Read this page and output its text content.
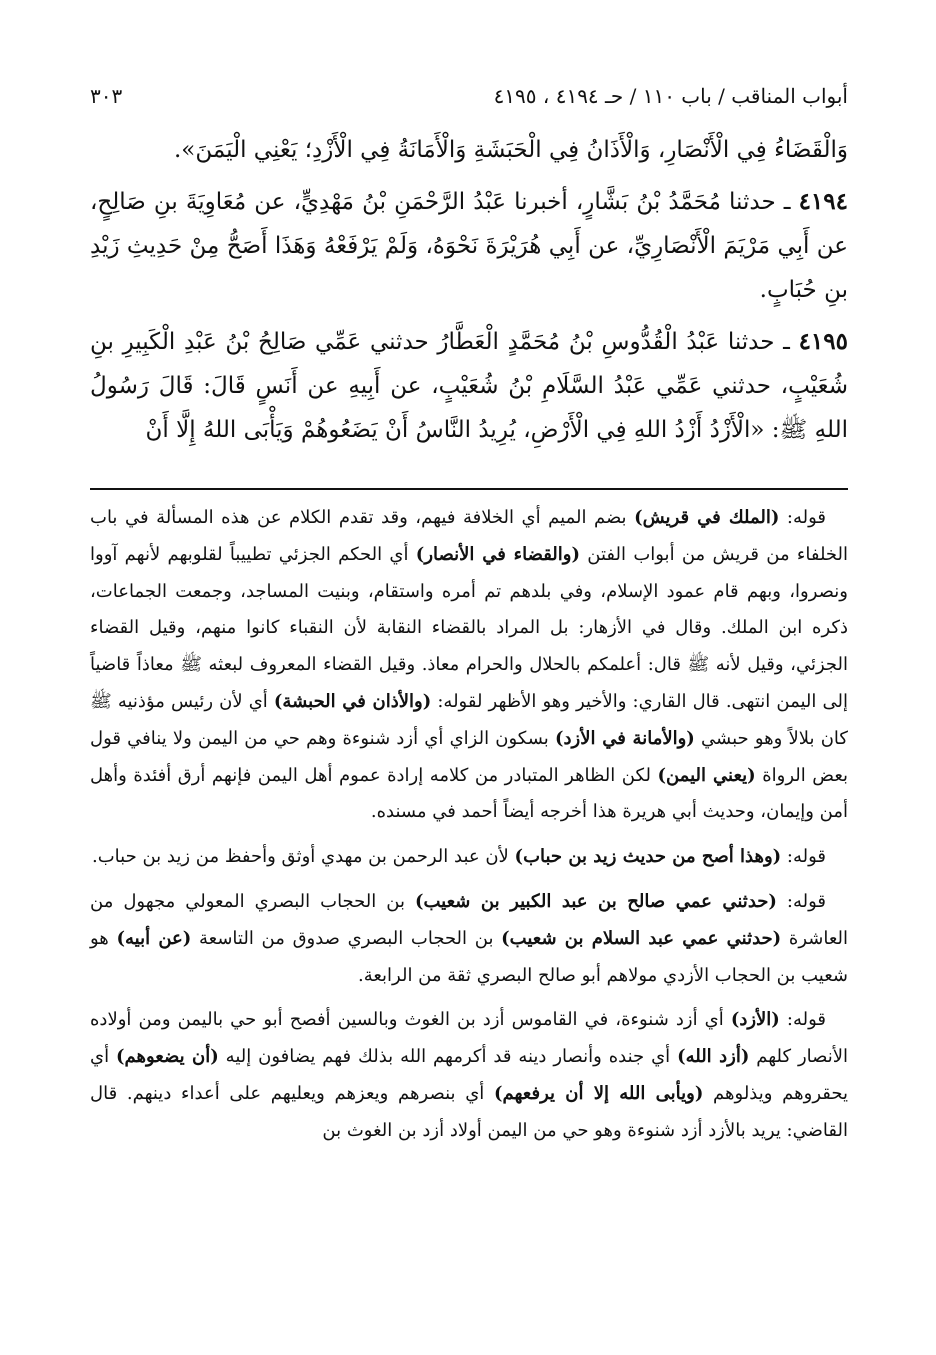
أبواب المناقب / باب ١١٠ / حـ ٤١٩٤ ، ٤١٩٥
٣٠٣

وَالْقَضَاءُ فِي الْأَنْصَارِ، وَالْأَذَانُ فِي الْحَبَشَةِ وَالْأَمَانَةُ فِي الْأَزْدِ؛ يَعْنِي الْيَمَنَ».

٤١٩٤ ـ حدثنا مُحَمَّدُ بْنُ بَشَّارٍ، أخبرنا عَبْدُ الرَّحْمَنِ بْنُ مَهْدِيٍّ، عن مُعَاوِيَةَ بنِ صَالِحٍ، عن أَبِي مَرْيَمَ الْأَنْصَارِيِّ، عن أَبِي هُرَيْرَةَ نَحْوَهُ، وَلَمْ يَرْفَعْهُ وَهَذَا أَصَحُّ مِنْ حَدِيثِ زَيْدِ بنِ حُبَابٍ.

٤١٩٥ ـ حدثنا عَبْدُ الْقُدُّوسِ بْنُ مُحَمَّدٍ الْعَطَّارُ حدثني عَمِّي صَالِحُ بْنُ عَبْدِ الْكَبِيرِ بنِ شُعَيْبٍ، حدثني عَمِّي عَبْدُ السَّلَامِ بْنُ شُعَيْبٍ، عن أَبِيهِ عن أَنَسٍ قَالَ: قَالَ رَسُولُ اللهِ ﷺ: «الْأَزْدُ أَزْدُ اللهِ فِي الْأَرْضِ، يُرِيدُ النَّاسُ أَنْ يَضَعُوهُمْ وَيَأْبَى اللهُ إِلَّا أَنْ

قوله: (الملك في قريش) بضم الميم أي الخلافة فيهم، وقد تقدم الكلام عن هذه المسألة في باب الخلفاء من قريش من أبواب الفتن (والقضاء في الأنصار) أي الحكم الجزئي تطييباً لقلوبهم لأنهم آووا ونصروا، وبهم قام عمود الإسلام، وفي بلدهم تم أمره واستقام، وبنيت المساجد، وجمعت الجماعات، ذكره ابن الملك. وقال في الأزهار: بل المراد بالقضاء النقابة لأن النقباء كانوا منهم، وقيل القضاء الجزئي، وقيل لأنه ﷺ قال: أعلمكم بالحلال والحرام معاذ. وقيل القضاء المعروف لبعثه ﷺ معاذاً قاضياً إلى اليمن انتهى. قال القاري: والأخير وهو الأظهر لقوله: (والأذان في الحبشة) أي لأن رئيس مؤذنيه ﷺ كان بلالاً وهو حبشي (والأمانة في الأزد) بسكون الزاي أي أزد شنوءة وهم حي من اليمن ولا ينافي قول بعض الرواة (يعني اليمن) لكن الظاهر المتبادر من كلامه إرادة عموم أهل اليمن فإنهم أرق أفئدة وأهل أمن وإيمان، وحديث أبي هريرة هذا أخرجه أيضاً أحمد في مسنده.

قوله: (وهذا أصح من حديث زيد بن حباب) لأن عبد الرحمن بن مهدي أوثق وأحفظ من زيد بن حباب.

قوله: (حدثني عمي صالح بن عبد الكبير بن شعيب) بن الحجاب البصري المعولي مجهول من العاشرة (حدثني عمي عبد السلام بن شعيب) بن الحجاب البصري صدوق من التاسعة (عن أبيه) هو شعيب بن الحجاب الأزدي مولاهم أبو صالح البصري ثقة من الرابعة.

قوله: (الأزد) أي أزد شنوءة، في القاموس أزد بن الغوث وبالسين أفصح أبو حي باليمن ومن أولاده الأنصار كلهم (أزد الله) أي جنده وأنصار دينه قد أكرمهم الله بذلك فهم يضافون إليه (أن يضعوهم) أي يحقروهم ويذلوهم (ويأبى الله إلا أن يرفعهم) أي بنصرهم ويعزهم ويعليهم على أعداء دينهم. قال القاضي: يريد بالأزد أزد شنوءة وهو حي من اليمن أولاد أزد بن الغوث بن
